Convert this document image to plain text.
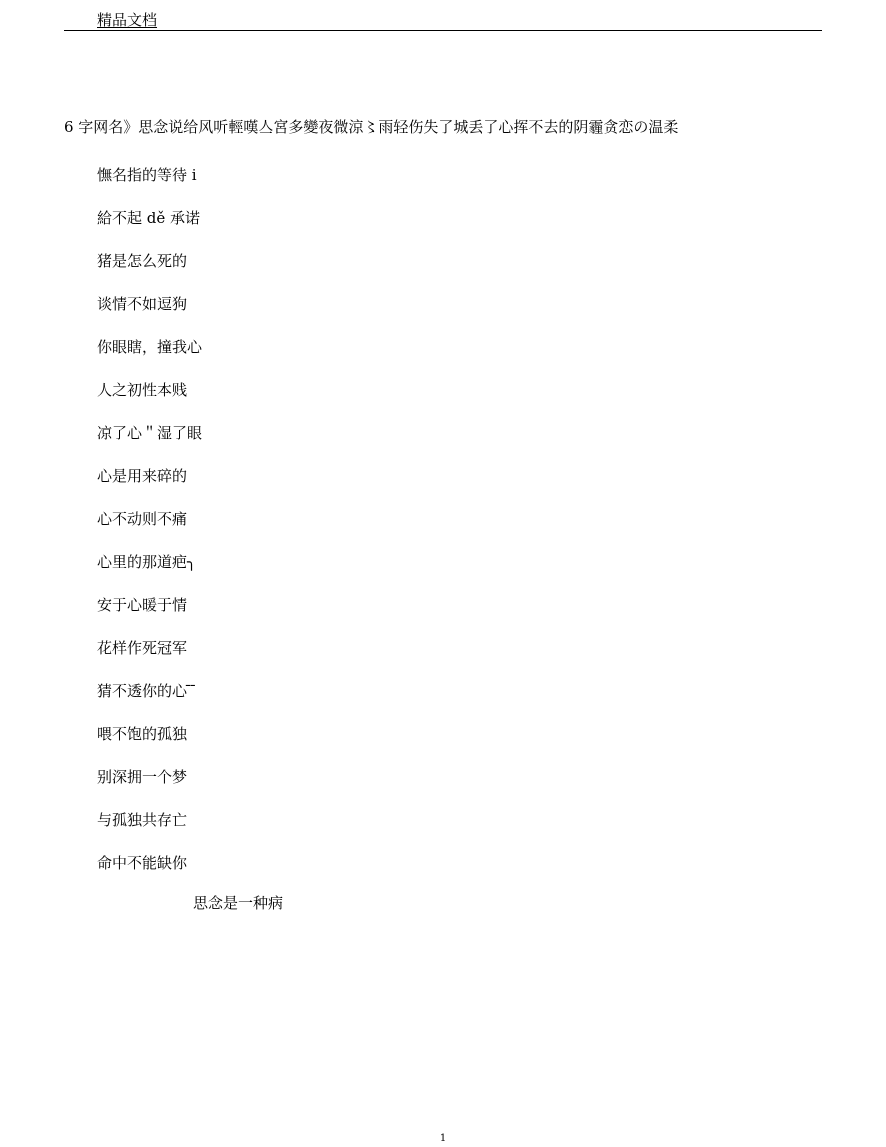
精品文档
6 字网名》思念说给风听輕嘆亼宮多變夜微涼〻雨轻伤失了城丢了心挥不去的阴霾贪恋の温柔
憮名指的等待 i
給不起 dě 承诺
猪是怎么死的
谈情不如逗狗
你眼瞎，撞我心
人之初性本贱
凉了心＂湿了眼
心是用来碎的
心不动则不痛
心里的那道疤╮
安于心暖于情
花样作死冠军
猜不透你的心 ̄ ̄
喂不饱的孤独
别深拥一个梦
与孤独共存亡
命中不能缺你
思念是一种病
1
